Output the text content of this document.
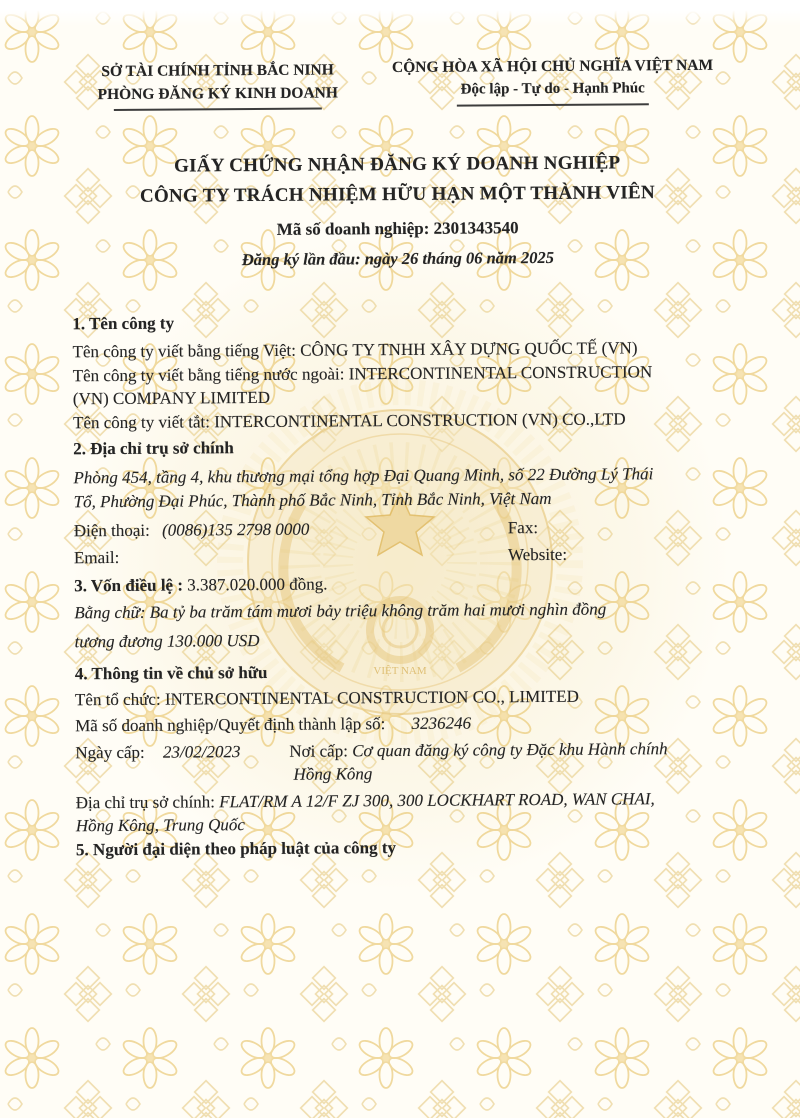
VIỆT NAM
SỞ TÀI CHÍNH TỈNH BẮC NINH
PHÒNG ĐĂNG KÝ KINH DOANH
CỘNG HÒA XÃ HỘI CHỦ NGHĨA VIỆT NAM
Độc lập - Tự do - Hạnh Phúc
GIẤY CHỨNG NHẬN ĐĂNG KÝ DOANH NGHIỆP
CÔNG TY TRÁCH NHIỆM HỮU HẠN MỘT THÀNH VIÊN
Mã số doanh nghiệp: 2301343540
Đăng ký lần đầu: ngày 26 tháng 06 năm 2025
1. Tên công ty
Tên công ty viết bằng tiếng Việt: CÔNG TY TNHH XÂY DỰNG QUỐC TẾ (VN)
Tên công ty viết bằng tiếng nước ngoài: INTERCONTINENTAL CONSTRUCTION
(VN) COMPANY LIMITED
Tên công ty viết tắt: INTERCONTINENTAL CONSTRUCTION (VN) CO.,LTD
2. Địa chỉ trụ sở chính
Phòng 454, tầng 4, khu thương mại tổng hợp Đại Quang Minh, số 22 Đường Lý Thái
Tổ, Phường Đại Phúc, Thành phố Bắc Ninh, Tỉnh Bắc Ninh, Việt Nam
Điện thoại: (0086)135 2798 0000	Fax:
Email:	Website:
3. Vốn điều lệ : 3.387.020.000 đồng.
Bằng chữ: Ba tỷ ba trăm tám mươi bảy triệu không trăm hai mươi nghìn đồng
tương đương 130.000 USD
4. Thông tin về chủ sở hữu
Tên tổ chức: INTERCONTINENTAL CONSTRUCTION CO., LIMITED
Mã số doanh nghiệp/Quyết định thành lập số: 3236246
Ngày cấp: 23/02/2023	Nơi cấp: Cơ quan đăng ký công ty Đặc khu Hành chính
Hồng Kông
Địa chỉ trụ sở chính: FLAT/RM A 12/F ZJ 300, 300 LOCKHART ROAD, WAN CHAI,
Hồng Kông, Trung Quốc
5. Người đại diện theo pháp luật của công ty
